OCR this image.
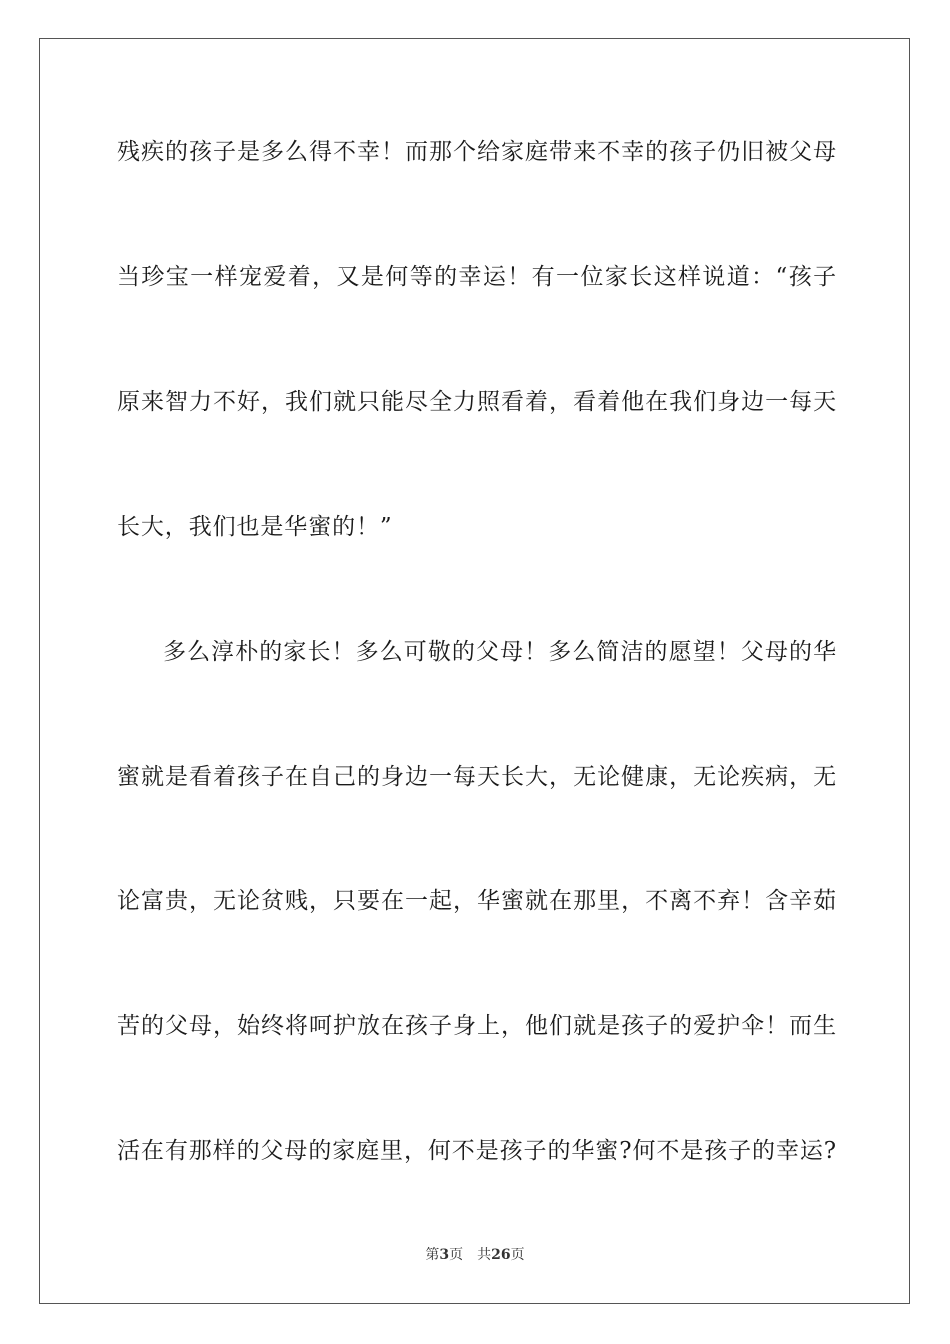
残疾的孩子是多么得不幸！而那个给家庭带来不幸的孩子仍旧被父母
当珍宝一样宠爱着，又是何等的幸运！有一位家长这样说道：“孩子
原来智力不好，我们就只能尽全力照看着，看着他在我们身边一每天
长大，我们也是华蜜的！”
多么淳朴的家长！多么可敬的父母！多么简洁的愿望！父母的华
蜜就是看着孩子在自己的身边一每天长大，无论健康，无论疾病，无
论富贵，无论贫贱，只要在一起，华蜜就在那里，不离不弃！含辛茹
苦的父母，始终将呵护放在孩子身上，他们就是孩子的爱护伞！而生
活在有那样的父母的家庭里，何不是孩子的华蜜?何不是孩子的幸运?
第3页 共26页
